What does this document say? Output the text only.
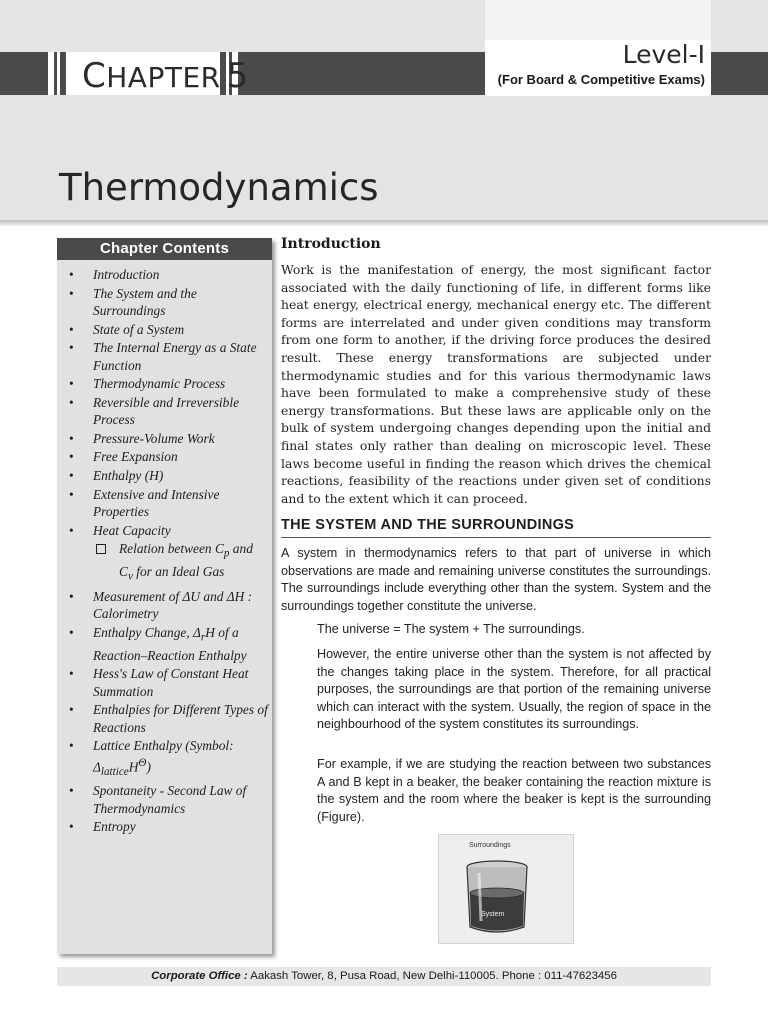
CHAPTER 5
Level-I
(For Board & Competitive Exams)
Thermodynamics
Chapter Contents
• Introduction
• The System and the Surroundings
• State of a System
• The Internal Energy as a State Function
• Thermodynamic Process
• Reversible and Irreversible Process
• Pressure-Volume Work
• Free Expansion
• Enthalpy (H)
• Extensive and Intensive Properties
• Heat Capacity
Relation between $C_p$ and $C_v$ for an Ideal Gas
• Measurement of ΔU and ΔH : Calorimetry
• Enthalpy Change, $\Delta_rH$ of a Reaction–Reaction Enthalpy
• Hess's Law of Constant Heat Summation
• Enthalpies for Different Types of Reactions
• Lattice Enthalpy (Symbol: $\Delta_{lattice}H^\Theta$)
• Spontaneity - Second Law of Thermodynamics
• Entropy
Introduction

Work is the manifestation of energy, the most significant factor associated with the daily functioning of life, in different forms like heat energy, electrical energy, mechanical energy etc. The different forms are interrelated and under given conditions may transform from one form to another, if the driving force produces the desired result. These energy transformations are subjected under thermodynamic studies and for this various thermodynamic laws have been formulated to make a comprehensive study of these energy transformations. But these laws are applicable only on the bulk of system undergoing changes depending upon the initial and final states only rather than dealing on microscopic level. These laws become useful in finding the reason which drives the chemical reactions, feasibility of the reactions under given set of conditions and to the extent which it can proceed.

THE SYSTEM AND THE SURROUNDINGS

A system in thermodynamics refers to that part of universe in which observations are made and remaining universe constitutes the surroundings. The surroundings include everything other than the system. System and the surroundings together constitute the universe.

The universe = The system + The surroundings.

However, the entire universe other than the system is not affected by the changes taking place in the system. Therefore, for all practical purposes, the surroundings are that portion of the remaining universe which can interact with the system. Usually, the region of space in the neighbourhood of the system constitutes its surroundings.

For example, if we are studying the reaction between two substances A and B kept in a beaker, the beaker containing the reaction mixture is the system and the room where the beaker is kept is the surrounding (Figure).

Surroundings
System
Corporate Office : Aakash Tower, 8, Pusa Road, New Delhi-110005. Phone : 011-47623456
